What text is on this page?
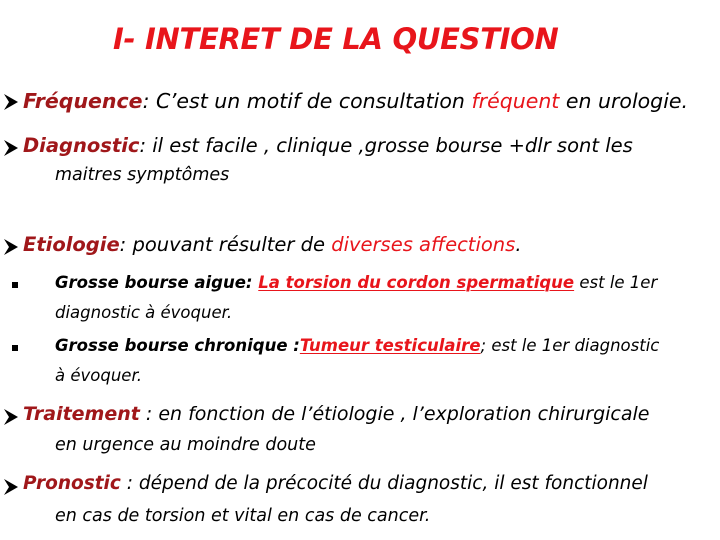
I- INTERET DE LA QUESTION
Fréquence: C’est un motif de consultation fréquent en urologie.
Diagnostic: il est facile , clinique ,grosse bourse +dlr sont les
maitres symptômes
Etiologie: pouvant résulter de diverses affections.
Grosse bourse aigue: La torsion du cordon spermatique est le 1er
diagnostic à évoquer.
Grosse bourse chronique :Tumeur testiculaire; est le 1er diagnostic
à évoquer.
Traitement : en fonction de l’étiologie , l’exploration chirurgicale
en urgence au moindre doute
Pronostic : dépend de la précocité du diagnostic, il est fonctionnel
en cas de torsion et vital en cas de cancer.
